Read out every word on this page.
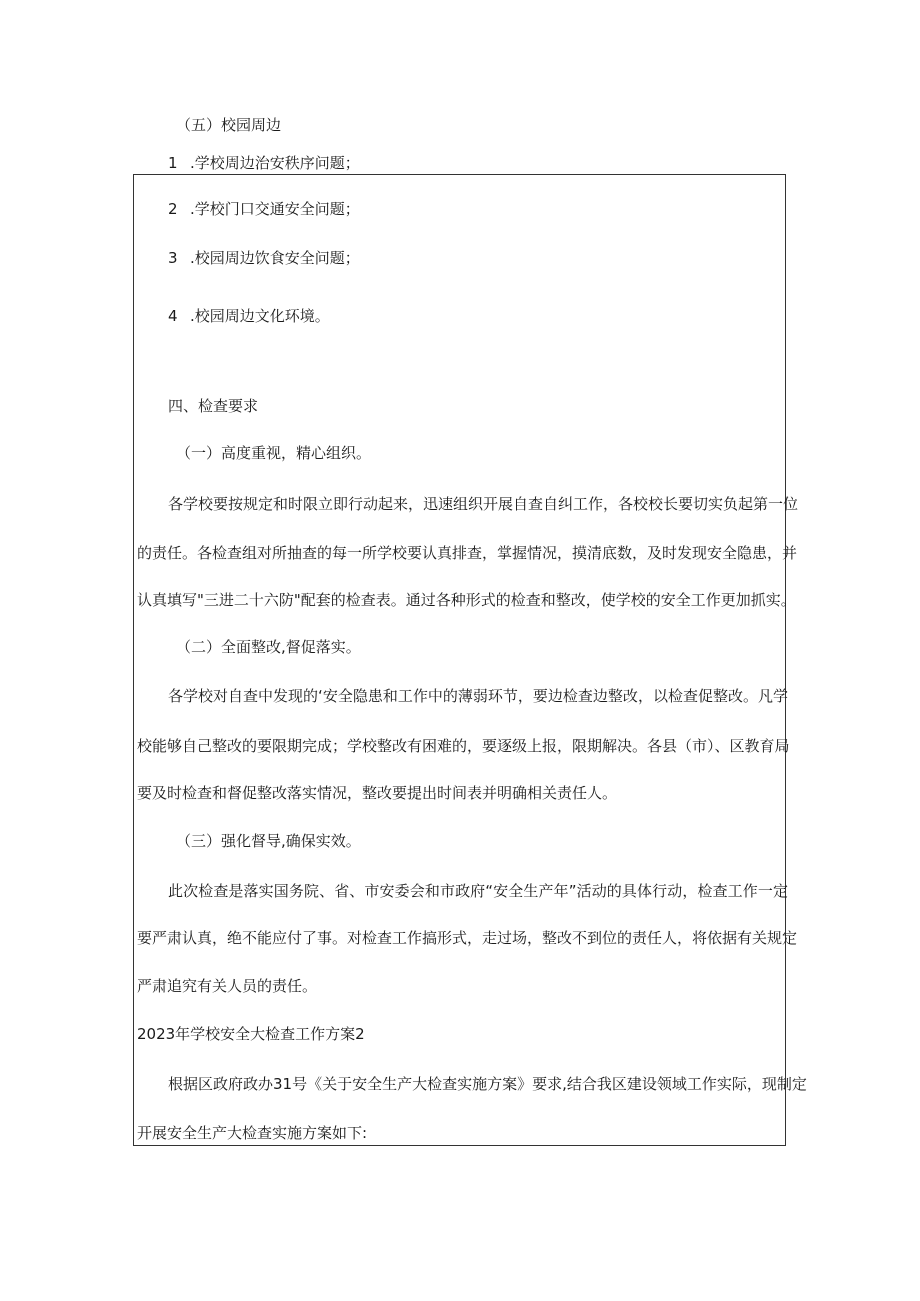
（五）校园周边

1 .学校周边治安秩序问题；

2 .学校门口交通安全问题；

3 .校园周边饮食安全问题；

4 .校园周边文化环境。

四、检查要求

（一）高度重视，精心组织。

各学校要按规定和时限立即行动起来，迅速组织开展自查自纠工作，各校校长要切实负起第一位

的责任。各检查组对所抽查的每一所学校要认真排查，掌握情况，摸清底数，及时发现安全隐患，并

认真填写"三进二十六防"配套的检查表。通过各种形式的检查和整改，使学校的安全工作更加抓实。

（二）全面整改,督促落实。

各学校对自查中发现的‘安全隐患和工作中的薄弱环节，要边检查边整改，以检查促整改。凡学

校能够自己整改的要限期完成；学校整改有困难的，要逐级上报，限期解决。各县（市）、区教育局

要及时检查和督促整改落实情况，整改要提出时间表并明确相关责任人。

（三）强化督导,确保实效。

此次检查是落实国务院、省、市安委会和市政府“安全生产年”活动的具体行动，检查工作一定

要严肃认真，绝不能应付了事。对检查工作搞形式，走过场，整改不到位的责任人，将依据有关规定

严肃追究有关人员的责任。

2023年学校安全大检查工作方案2

根据区政府政办31号《关于安全生产大检查实施方案》要求,结合我区建设领域工作实际，现制定

开展安全生产大检查实施方案如下:
